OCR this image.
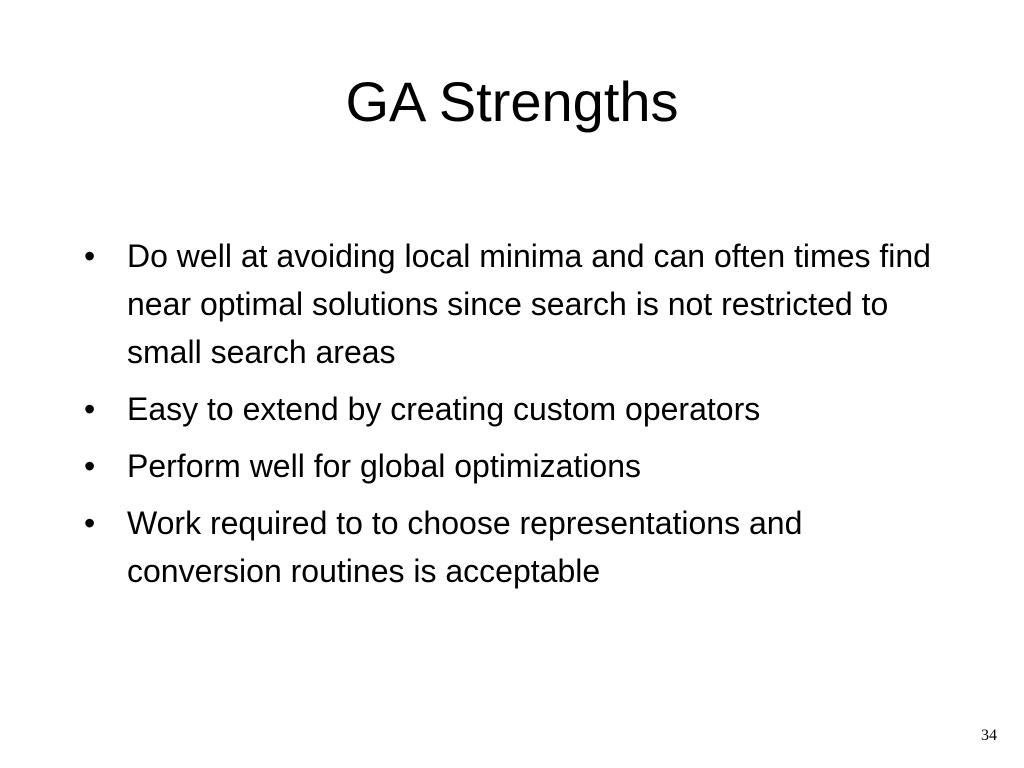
GA Strengths
• Do well at avoiding local minima and can often times find near optimal solutions since search is not restricted to small search areas
• Easy to extend by creating custom operators
• Perform well for global optimizations
• Work required to to choose representations and conversion routines is acceptable
34
